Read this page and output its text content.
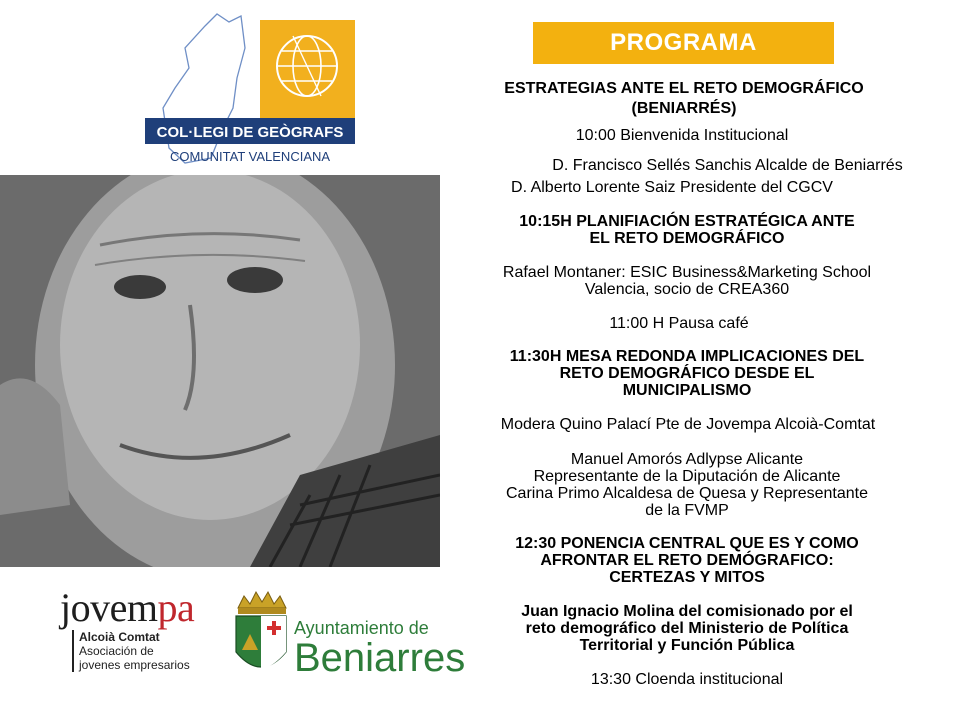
COL·LEGI DE GEÒGRAFS
COMUNITAT VALENCIANA
jovempa
Alcoià Comtat
Asociación de
jovenes empresarios
Ayuntamiento de
Beniarres
PROGRAMA
ESTRATEGIAS ANTE EL RETO DEMOGRÁFICO
(BENIARRÉS)
10:00 Bienvenida Institucional
D. Francisco Sellés Sanchis Alcalde de Beniarrés
D. Alberto Lorente Saiz Presidente del CGCV
10:15H PLANIFIACIÓN ESTRATÉGICA ANTE
EL RETO DEMOGRÁFICO
Rafael Montaner: ESIC Business&Marketing School
Valencia, socio de CREA360
11:00 H Pausa café
11:30H MESA REDONDA IMPLICACIONES DEL
RETO DEMOGRÁFICO DESDE EL
MUNICIPALISMO
Modera Quino Palací Pte de Jovempa Alcoià-Comtat
Manuel Amorós Adlypse Alicante
Representante de la Diputación de Alicante
Carina Primo Alcaldesa de Quesa y Representante
de la FVMP
12:30 PONENCIA CENTRAL QUE ES Y COMO
AFRONTAR EL RETO DEMÓGRAFICO:
CERTEZAS Y MITOS
Juan Ignacio Molina del comisionado por el
reto demográfico del Ministerio de Política
Territorial y Función Pública
13:30 Cloenda institucional
